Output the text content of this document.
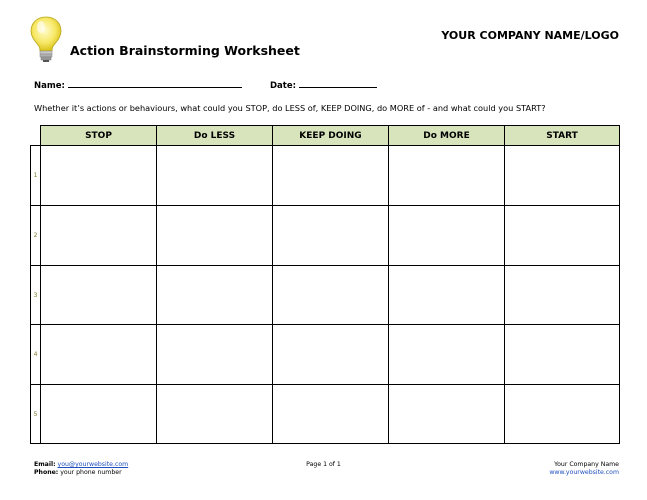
Action Brainstorming Worksheet
YOUR COMPANY NAME/LOGO
Name:	Date:
Whether it’s actions or behaviours, what could you STOP, do LESS of, KEEP DOING, do MORE of - and what could you START?
STOP	Do LESS	KEEP DOING	Do MORE	START
1
2
3
4
5
Email: you@yourwebsite.com
Phone: your phone number
Page 1 of 1	Your Company Name
www.yourwebsite.com
